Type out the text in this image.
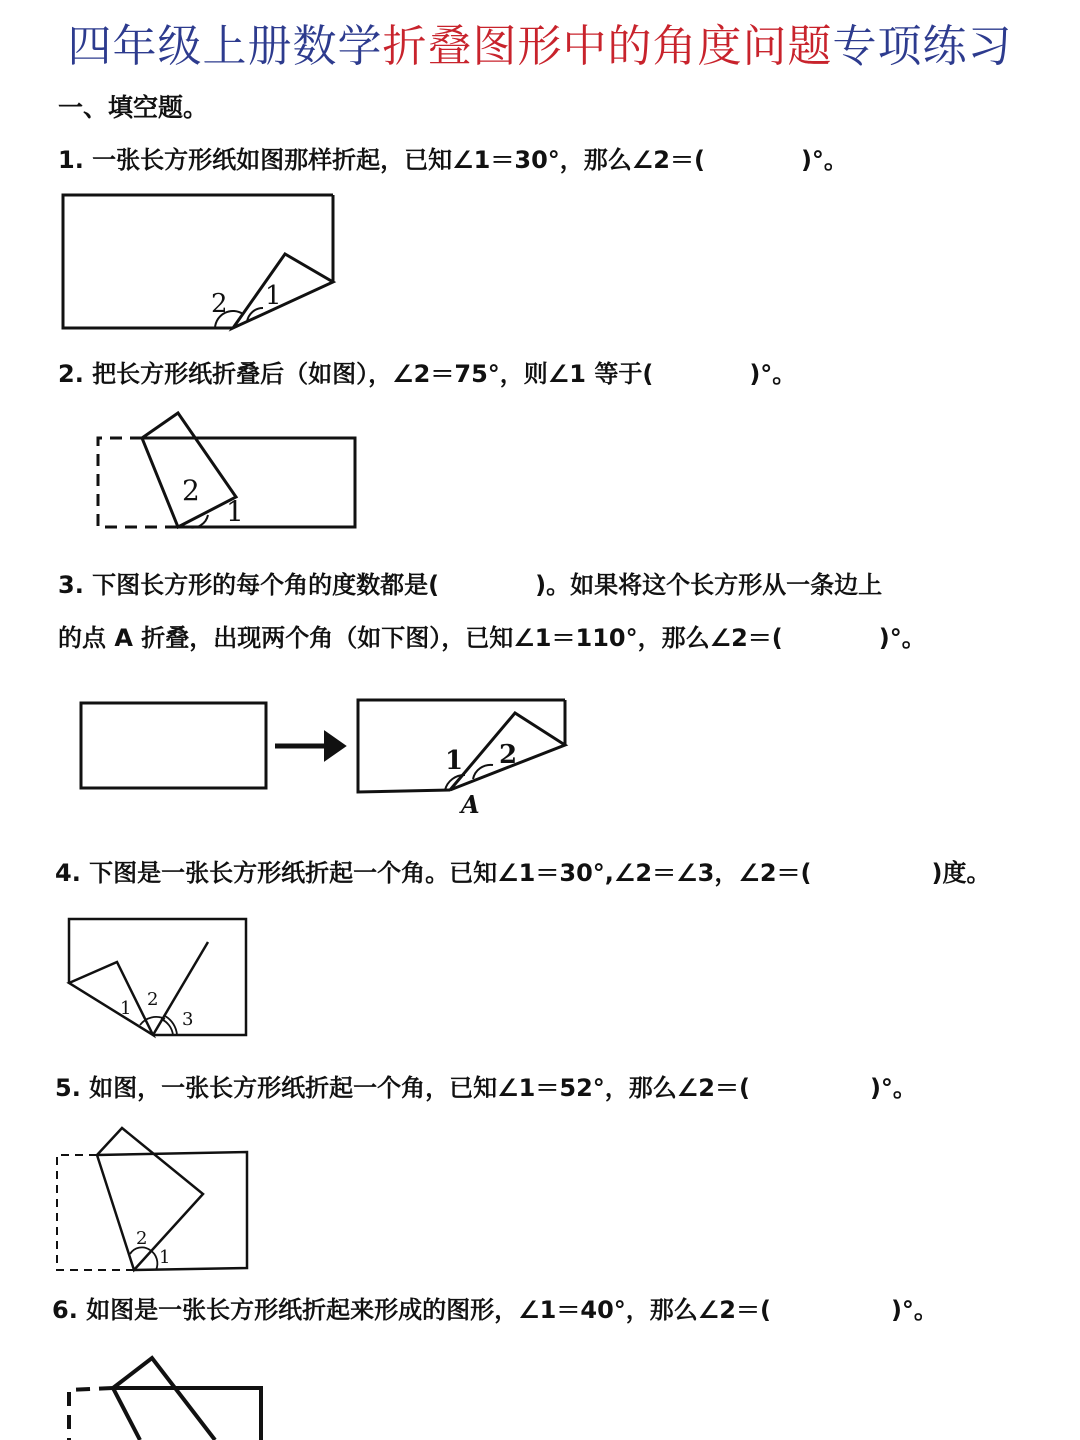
四年级上册数学折叠图形中的角度问题专项练习
一、填空题。
1. 一张长方形纸如图那样折起，已知∠1＝30°，那么∠2＝(　　　　)°。
2 1
2. 把长方形纸折叠后（如图），∠2＝75°，则∠1 等于(　　　　)°。
2
1
3. 下图长方形的每个角的度数都是(　　　　)。如果将这个长方形从一条边上
的点 A 折叠，出现两个角（如下图），已知∠1＝110°，那么∠2＝(　　　　)°。
1 2
A
4. 下图是一张长方形纸折起一个角。已知∠1＝30°,∠2＝∠3，∠2＝(　　　　　)度。
1 2
3
5. 如图，一张长方形纸折起一个角，已知∠1＝52°，那么∠2＝(　　　　　)°。
2
1
6. 如图是一张长方形纸折起来形成的图形，∠1＝40°，那么∠2＝(　　　　　)°。
